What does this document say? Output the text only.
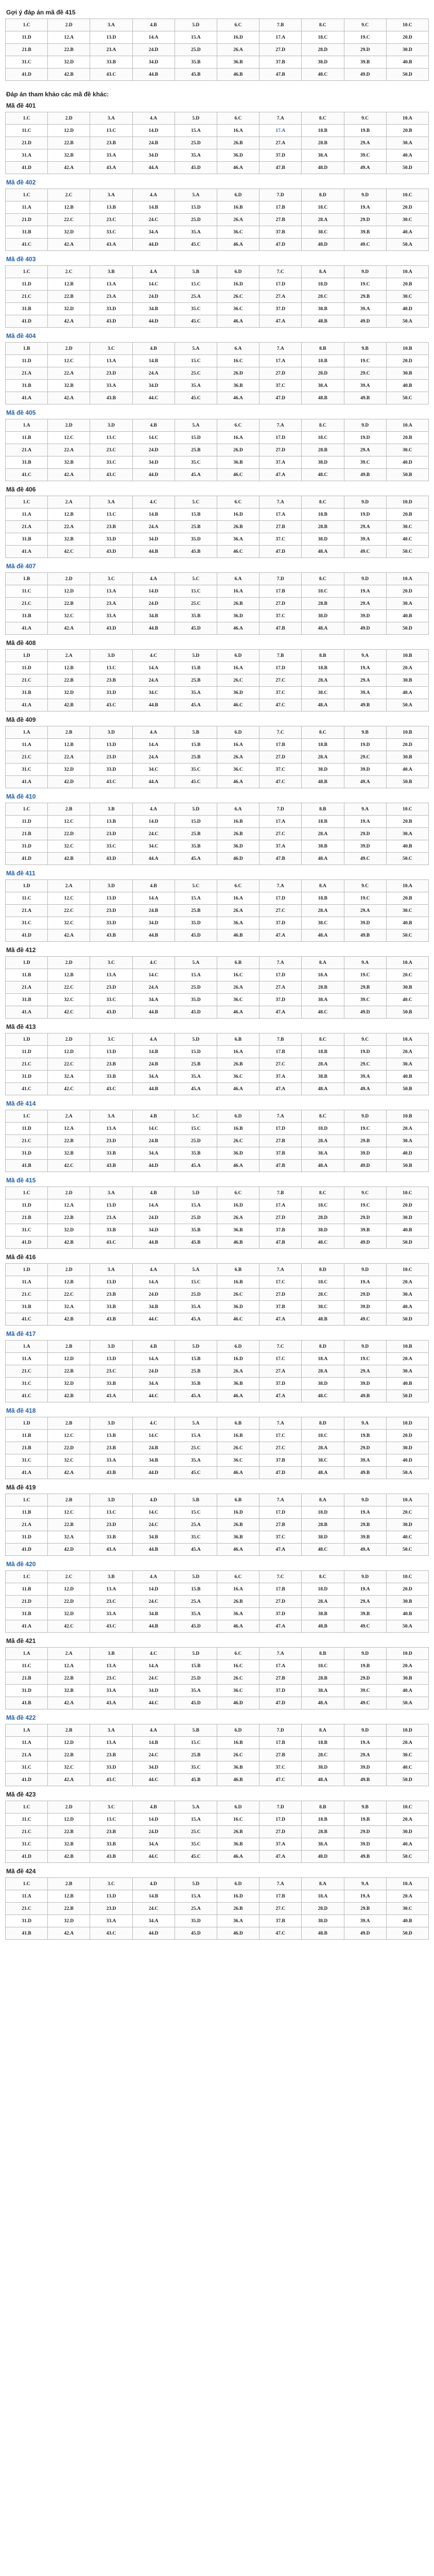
Gợi ý đáp án mã đề 415
1.C	2.D	3.A	4.B	5.D	6.C	7.B	8.C	9.C	10.C
11.D	12.A	13.D	14.A	15.A	16.D	17.A	18.C	19.C	20.D
21.B	22.B	23.A	24.D	25.D	26.A	27.D	28.D	29.D	30.D
31.C	32.D	33.B	34.D	35.B	36.B	37.B	38.D	39.B	40.B
41.D	42.B	43.C	44.B	45.B	46.B	47.B	48.C	49.D	50.D
Đáp án tham khảo các mã đề khác:
Mã đề 401
1.C	2.D	3.A	4.A	5.D	6.C	7.A	8.C	9.C	10.A
11.C	12.D	13.C	14.D	15.A	16.A	17.A	18.B	19.B	20.B
21.D	22.B	23.B	24.B	25.D	26.B	27.A	28.B	29.A	30.A
31.A	32.B	33.A	34.D	35.A	36.D	37.D	38.A	39.C	40.A
41.D	42.A	43.A	44.A	45.D	46.A	47.B	48.D	49.A	50.D
Mã đề 402
1.C	2.C	3.A	4.A	5.A	6.D	7.D	8.D	9.D	10.C
11.A	12.B	13.B	14.B	15.D	16.B	17.B	18.C	19.A	20.D
21.D	22.C	23.C	24.C	25.D	26.A	27.B	28.A	29.D	30.C
31.B	32.D	33.C	34.A	35.A	36.C	37.B	38.C	39.B	40.A
41.C	42.A	43.A	44.D	45.C	46.A	47.D	48.D	49.C	50.A
Mã đề 403
1.C	2.C	3.B	4.A	5.B	6.D	7.C	8.A	9.D	10.A
11.D	12.B	13.A	14.C	15.C	16.D	17.D	18.D	19.C	20.B
21.C	22.B	23.A	24.D	25.A	26.C	27.A	28.C	29.B	30.C
31.B	32.D	33.D	34.B	35.C	36.C	37.D	38.B	39.A	40.D
41.D	42.A	43.D	44.D	45.C	46.A	47.A	48.B	49.D	50.A
Mã đề 404
1.B	2.D	3.C	4.B	5.A	6.A	7.A	8.B	9.B	10.B
11.D	12.C	13.A	14.B	15.C	16.C	17.A	18.B	19.C	20.D
21.A	22.A	23.D	24.A	25.C	26.D	27.D	28.D	29.C	30.B
31.B	32.B	33.A	34.D	35.A	36.B	37.C	38.A	39.A	40.B
41.A	42.A	43.B	44.C	45.C	46.A	47.D	48.B	49.B	50.C
Mã đề 405
1.A	2.D	3.D	4.B	5.A	6.C	7.A	8.C	9.D	10.A
11.B	12.C	13.C	14.C	15.D	16.A	17.D	18.C	19.D	20.B
21.A	22.A	23.C	24.D	25.B	26.D	27.D	28.B	29.A	30.C
31.B	32.B	33.C	34.D	35.C	36.B	37.A	38.D	39.C	40.D
41.C	42.A	43.C	44.D	45.A	46.C	47.A	48.C	49.B	50.B
Mã đề 406
1.C	2.A	3.A	4.C	5.C	6.C	7.A	8.C	9.D	10.D
11.A	12.B	13.C	14.B	15.B	16.D	17.A	18.B	19.D	20.B
21.A	22.A	23.B	24.A	25.B	26.B	27.B	28.B	29.A	30.C
31.B	32.B	33.D	34.D	35.D	36.A	37.C	38.D	39.A	40.C
41.A	42.C	43.D	44.B	45.B	46.C	47.D	48.A	49.C	50.C
Mã đề 407
1.B	2.D	3.C	4.A	5.C	6.A	7.D	8.C	9.D	10.A
11.C	12.D	13.A	14.D	15.C	16.A	17.B	18.C	19.A	20.D
21.C	22.B	23.A	24.D	25.C	26.B	27.D	28.B	29.A	30.A
31.B	32.C	33.A	34.B	35.B	36.D	37.C	38.D	39.D	40.B
41.A	42.A	43.D	44.B	45.D	46.A	47.B	48.A	49.D	50.D
Mã đề 408
1.D	2.A	3.D	4.C	5.D	6.D	7.B	8.B	9.A	10.B
11.D	12.B	13.C	14.A	15.B	16.A	17.D	18.B	19.A	20.A
21.C	22.B	23.B	24.A	25.B	26.C	27.C	28.A	29.A	30.B
31.B	32.D	33.D	34.C	35.A	36.D	37.C	38.C	39.A	40.A
41.A	42.B	43.C	44.B	45.A	46.C	47.C	48.A	49.B	50.A
Mã đề 409
1.A	2.B	3.D	4.A	5.B	6.D	7.C	8.C	9.B	10.B
11.A	12.B	13.D	14.A	15.B	16.A	17.B	18.B	19.D	20.D
21.C	22.A	23.D	24.A	25.B	26.A	27.D	28.A	29.C	30.B
31.C	32.D	33.D	34.C	35.C	36.C	37.C	38.D	39.D	40.A
41.A	42.D	43.C	44.A	45.C	46.A	47.C	48.B	49.A	50.B
Mã đề 410
1.C	2.B	3.B	4.A	5.D	6.A	7.D	8.B	9.A	10.C
11.D	12.C	13.B	14.D	15.D	16.B	17.A	18.B	19.A	20.B
21.B	22.D	23.D	24.C	25.B	26.B	27.C	28.A	29.D	30.A
31.D	32.C	33.C	34.C	35.B	36.D	37.A	38.B	39.D	40.B
41.D	42.B	43.D	44.A	45.A	46.D	47.B	48.A	49.C	50.C
Mã đề 411
1.D	2.A	3.D	4.B	5.C	6.C	7.A	8.A	9.C	10.A
11.C	12.C	13.D	14.A	15.A	16.A	17.D	18.B	19.C	20.B
21.A	22.C	23.D	24.B	25.B	26.A	27.C	28.A	29.A	30.C
31.C	32.C	33.D	34.D	35.D	36.A	37.D	38.C	39.D	40.B
41.D	42.A	43.B	44.B	45.D	46.B	47.A	48.A	49.B	50.C
Mã đề 412
1.D	2.D	3.C	4.C	5.A	6.B	7.A	8.A	9.A	10.A
11.B	12.B	13.A	14.C	15.A	16.C	17.D	18.A	19.C	20.C
21.A	22.C	23.D	24.A	25.D	26.A	27.A	28.B	29.B	30.B
31.B	32.C	33.C	34.A	35.D	36.C	37.D	38.A	39.C	40.C
41.A	42.C	43.D	44.B	45.D	46.A	47.A	48.C	49.D	50.B
Mã đề 413
1.D	2.D	3.C	4.A	5.D	6.B	7.B	8.C	9.C	10.A
11.D	12.D	13.D	14.B	15.D	16.A	17.B	18.B	19.D	20.A
21.C	22.C	23.B	24.B	25.B	26.B	27.C	28.A	29.C	30.A
31.D	32.A	33.B	34.A	35.A	36.C	37.A	38.B	39.A	40.B
41.C	42.C	43.C	44.B	45.A	46.A	47.A	48.A	49.A	50.B
Mã đề 414
1.C	2.A	3.A	4.B	5.C	6.D	7.A	8.C	9.D	10.B
11.D	12.A	13.A	14.C	15.C	16.B	17.D	18.D	19.C	20.A
21.C	22.B	23.D	24.B	25.D	26.C	27.B	28.A	29.B	30.A
31.D	32.B	33.B	34.A	35.B	36.D	37.B	38.A	39.D	40.D
41.B	42.C	43.B	44.D	45.A	46.A	47.B	48.A	49.D	50.B
Mã đề 415
1.C	2.D	3.A	4.B	5.D	6.C	7.B	8.C	9.C	10.C
11.D	12.A	13.D	14.A	15.A	16.D	17.A	18.C	19.C	20.D
21.B	22.B	23.A	24.D	25.D	26.A	27.D	28.D	29.D	30.D
31.C	32.D	33.B	34.D	35.B	36.B	37.B	38.D	39.B	40.B
41.D	42.B	43.C	44.B	45.B	46.B	47.B	48.C	49.D	50.D
Mã đề 416
1.D	2.D	3.A	4.A	5.A	6.B	7.A	8.D	9.D	10.C
11.A	12.B	13.D	14.A	15.C	16.B	17.C	18.C	19.A	20.A
21.C	22.C	23.B	24.D	25.D	26.C	27.D	28.C	29.D	30.A
31.B	32.A	33.B	34.B	35.A	36.D	37.B	38.C	39.D	40.A
41.C	42.B	43.B	44.C	45.A	46.C	47.A	48.B	49.C	50.D
Mã đề 417
1.A	2.B	3.D	4.B	5.D	6.D	7.C	8.D	9.D	10.B
11.A	12.D	13.D	14.A	15.B	16.D	17.C	18.A	19.C	20.A
21.C	22.B	23.C	24.D	25.B	26.A	27.A	28.A	29.A	30.A
31.C	32.D	33.B	34.A	35.B	36.B	37.D	38.D	39.D	40.B
41.C	42.B	43.A	44.C	45.A	46.A	47.A	48.C	49.B	50.D
Mã đề 418
1.D	2.B	3.D	4.C	5.A	6.B	7.A	8.D	9.A	10.D
11.B	12.C	13.B	14.C	15.A	16.B	17.C	18.C	19.B	20.D
21.B	22.D	23.B	24.B	25.C	26.C	27.C	28.A	29.D	30.D
31.C	32.C	33.A	34.B	35.A	36.C	37.B	38.C	39.A	40.D
41.A	42.A	43.B	44.D	45.C	46.A	47.D	48.A	49.B	50.A
Mã đề 419
1.C	2.B	3.D	4.D	5.B	6.B	7.A	8.A	9.D	10.A
11.B	12.C	13.C	14.C	15.C	16.D	17.D	18.D	19.A	20.C
21.A	22.B	23.D	24.C	25.A	26.B	27.B	28.B	29.B	30.D
31.D	32.A	33.B	34.B	35.C	36.B	37.C	38.D	39.B	40.C
41.D	42.D	43.A	44.B	45.A	46.A	47.A	48.C	49.A	50.C
Mã đề 420
1.C	2.C	3.B	4.A	5.D	6.C	7.C	8.C	9.D	10.C
11.B	12.D	13.A	14.D	15.B	16.A	17.B	18.D	19.A	20.D
21.D	22.D	23.C	24.C	25.A	26.B	27.D	28.A	29.A	30.B
31.B	32.D	33.A	34.B	35.A	36.A	37.D	38.B	39.B	40.B
41.A	42.C	43.C	44.B	45.D	46.A	47.A	48.B	49.C	50.A
Mã đề 421
1.A	2.A	3.B	4.C	5.D	6.C	7.A	8.B	9.D	10.D
11.C	12.A	13.A	14.A	15.B	16.C	17.A	18.C	19.B	20.A
21.B	22.B	23.C	24.C	25.D	26.C	27.B	28.B	29.D	30.B
31.D	32.B	33.A	34.D	35.A	36.C	37.D	38.A	39.C	40.A
41.B	42.A	43.A	44.C	45.D	46.D	47.D	48.A	49.C	50.A
Mã đề 422
1.A	2.B	3.A	4.A	5.B	6.D	7.D	8.A	9.D	10.D
11.A	12.D	13.A	14.B	15.C	16.B	17.B	18.B	19.A	20.A
21.A	22.B	23.B	24.C	25.B	26.C	27.B	28.C	29.A	30.C
31.C	32.C	33.D	34.D	35.C	36.B	37.C	38.D	39.D	40.C
41.D	42.A	43.C	44.C	45.B	46.B	47.C	48.A	49.B	50.D
Mã đề 423
1.C	2.D	3.C	4.B	5.A	6.D	7.D	8.B	9.B	10.C
11.C	12.D	13.C	14.D	15.A	16.C	17.D	18.B	19.B	20.A
21.C	22.B	23.B	24.D	25.C	26.B	27.D	28.B	29.D	30.D
31.C	32.B	33.B	34.A	35.C	36.B	37.A	38.A	39.D	40.A
41.D	42.B	43.B	44.C	45.C	46.A	47.A	48.D	49.B	50.C
Mã đề 424
1.C	2.B	3.C	4.D	5.D	6.D	7.A	8.A	9.A	10.A
11.A	12.B	13.D	14.B	15.A	16.D	17.B	18.A	19.A	20.A
21.C	22.B	23.D	24.C	25.A	26.B	27.C	28.D	29.B	30.C
31.D	32.D	33.A	34.A	35.D	36.A	37.B	38.D	39.A	40.B
41.B	42.A	43.C	44.D	45.D	46.D	47.C	48.B	49.D	50.D
